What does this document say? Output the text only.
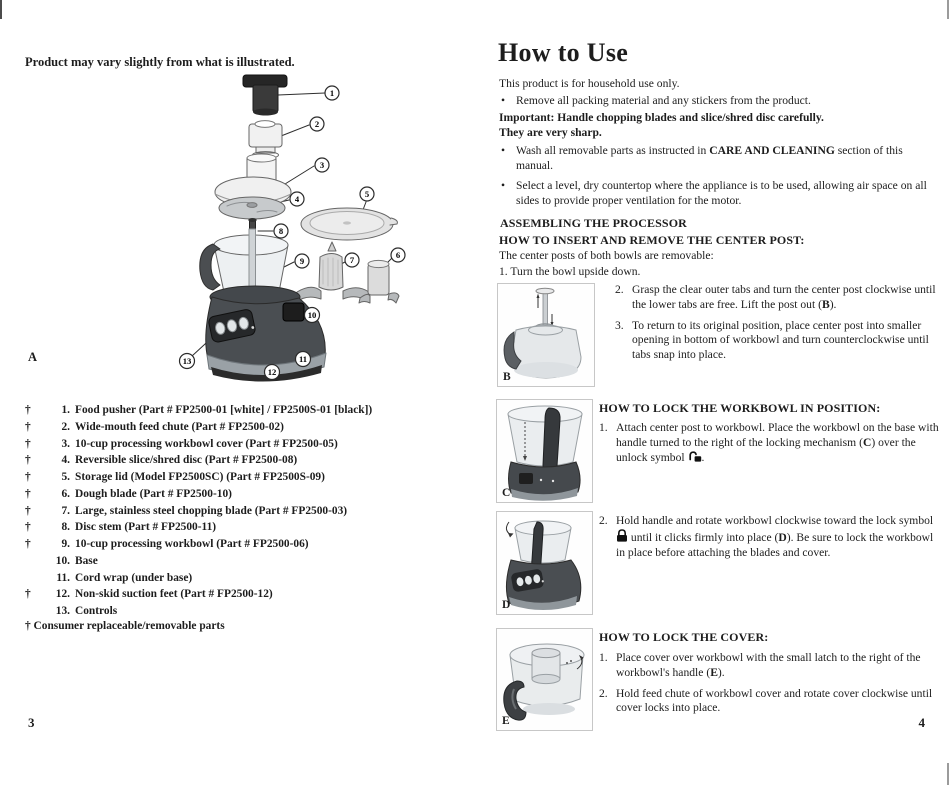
Product may vary slightly from what is illustrated.

1
2
3
4	5
8
9	7	6
10
13	11
12
A
†	1. Food pusher (Part # FP2500-01 [white] / FP2500S-01 [black])
†	2. Wide-mouth feed chute (Part # FP2500-02)
†	3. 10-cup processing workbowl cover (Part # FP2500-05)
†	4. Reversible slice/shred disc (Part # FP2500-08)
†	5. Storage lid (Model FP2500SC) (Part # FP2500S-09)
†	6. Dough blade (Part # FP2500-10)
†	7. Large, stainless steel chopping blade (Part # FP2500-03)
†	8. Disc stem (Part # FP2500-11)
†	9. 10-cup processing workbowl (Part # FP2500-06)
10. Base
11. Cord wrap (under base)
†	12. Non-skid suction feet (Part # FP2500-12)
13. Controls

† Consumer replaceable/removable parts

3
How to Use

This product is for household use only.

• Remove all packing material and any stickers from the product.
Important: Handle chopping blades and slice/shred disc carefully.
They are very sharp.
• Wash all removable parts as instructed in CARE AND CLEANING section of this manual.
• Select a level, dry countertop where the appliance is to be used, allowing air space on all sides to provide proper ventilation for the motor.
ASSEMBLING THE PROCESSOR
HOW TO INSERT AND REMOVE THE CENTER POST:

The center posts of both bowls are removable:

1. Turn the bowl upside down.

B
2. Grasp the clear outer tabs and turn the center post clockwise until the lower tabs are free. Lift the post out (B).
3. To return to its original position, place center post into smaller opening in bottom of workbowl and turn counterclockwise until tabs snap into place.
C
HOW TO LOCK THE WORKBOWL IN POSITION:
1. Attach center post to workbowl. Place the workbowl on the base with handle turned to the right of the locking mechanism (C) over the unlock symbol .
D
2. Hold handle and rotate workbowl clockwise toward the lock symbol  until it clicks firmly into place (D). Be sure to lock the workbowl in place before attaching the blades and cover.
E
HOW TO LOCK THE COVER:
1. Place cover over workbowl with the small latch to the right of the workbowl's handle (E).
2. Hold feed chute of workbowl cover and rotate cover clockwise until cover locks into place.
4
